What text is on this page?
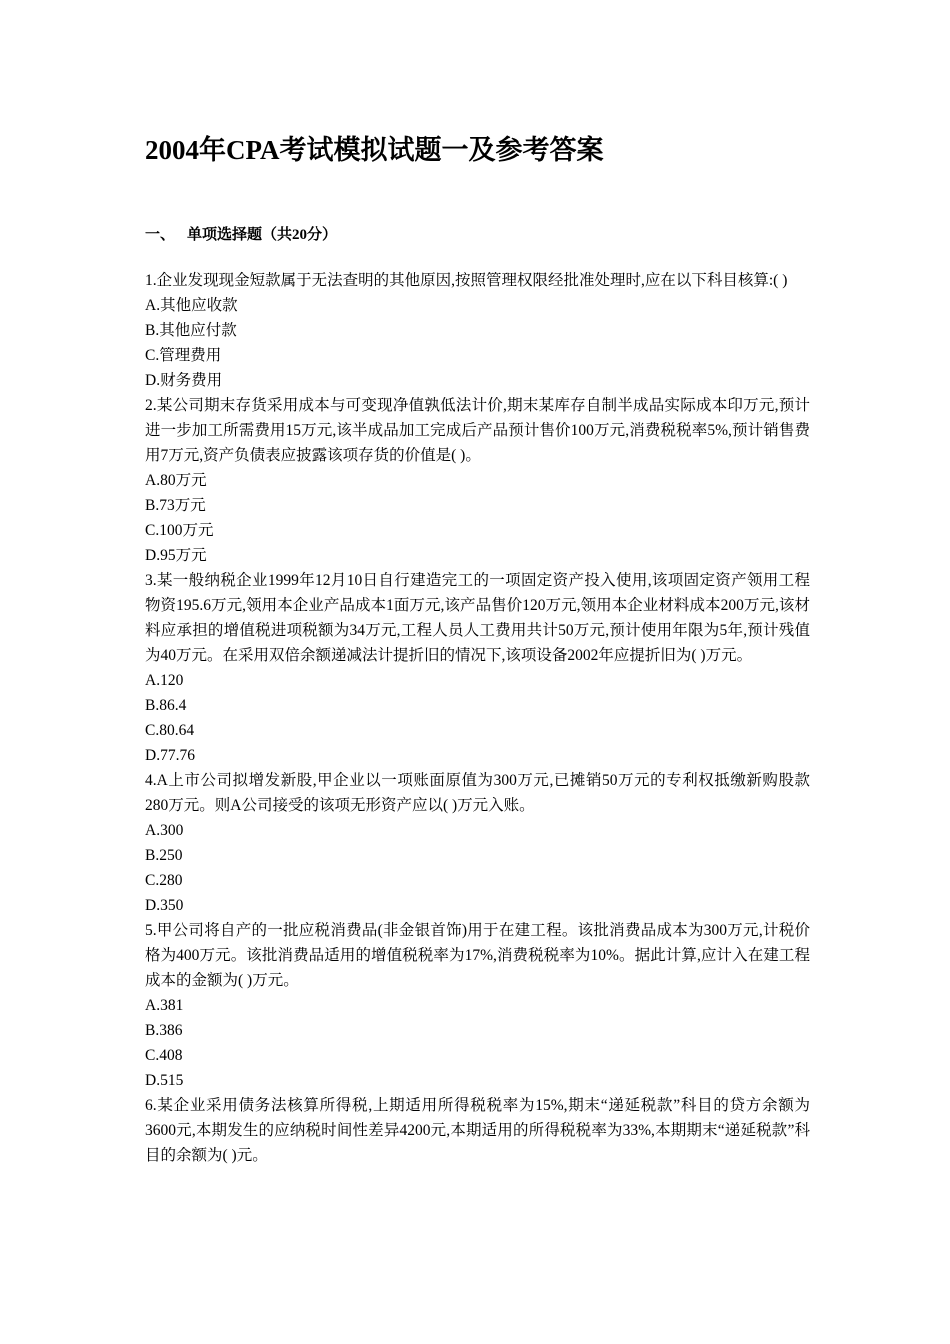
2004年CPA考试模拟试题一及参考答案
一、 单项选择题（共20分）

1.企业发现现金短款属于无法查明的其他原因,按照管理权限经批准处理时,应在以下科目核算:( )

A.其他应收款

B.其他应付款

C.管理费用

D.财务费用

2.某公司期末存货采用成本与可变现净值孰低法计价,期末某库存自制半成品实际成本印万元,预计进一步加工所需费用15万元,该半成品加工完成后产品预计售价100万元,消费税税率5%,预计销售费用7万元,资产负债表应披露该项存货的价值是( )。

A.80万元

B.73万元

C.100万元

D.95万元

3.某一般纳税企业1999年12月10日自行建造完工的一项固定资产投入使用,该项固定资产领用工程物资195.6万元,领用本企业产品成本1面万元,该产品售价120万元,领用本企业材料成本200万元,该材料应承担的增值税进项税额为34万元,工程人员人工费用共计50万元,预计使用年限为5年,预计残值为40万元。在采用双倍余额递减法计提折旧的情况下,该项设备2002年应提折旧为( )万元。

A.120

B.86.4

C.80.64

D.77.76

4.A上市公司拟增发新股,甲企业以一项账面原值为300万元,已摊销50万元的专利权抵缴新购股款280万元。则A公司接受的该项无形资产应以( )万元入账。

A.300

B.250

C.280

D.350

5.甲公司将自产的一批应税消费品(非金银首饰)用于在建工程。该批消费品成本为300万元,计税价格为400万元。该批消费品适用的增值税税率为17%,消费税税率为10%。据此计算,应计入在建工程成本的金额为( )万元。

A.381

B.386

C.408

D.515

6.某企业采用债务法核算所得税,上期适用所得税税率为15%,期末“递延税款”科目的贷方余额为3600元,本期发生的应纳税时间性差异4200元,本期适用的所得税税率为33%,本期期末“递延税款”科目的余额为( )元。
